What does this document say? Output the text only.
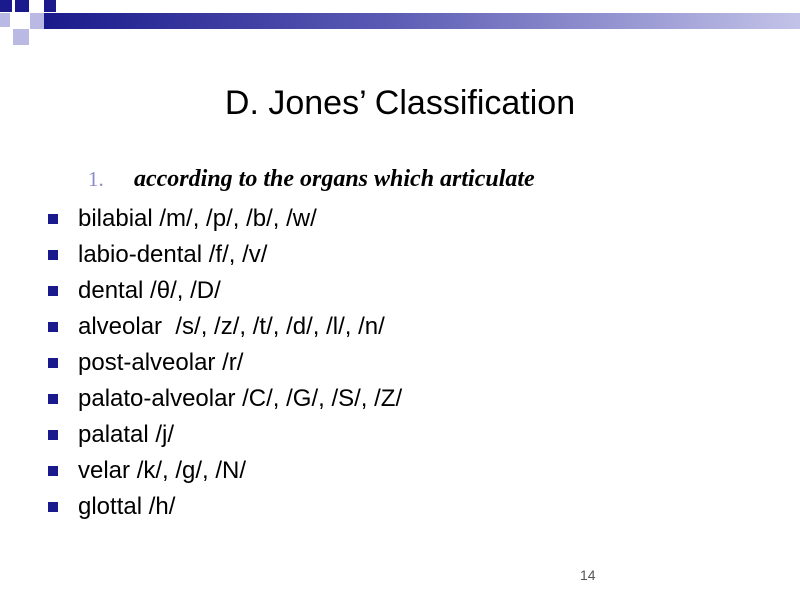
D. Jones’ Classification
1. according to the organs which articulate
bilabial /m/, /p/, /b/, /w/
labio-dental /f/, /v/
dental /θ/, /D/
alveolar  /s/, /z/, /t/, /d/, /l/, /n/
post-alveolar /r/
palato-alveolar /C/, /G/, /S/, /Z/
palatal /j/
velar /k/, /g/, /N/
glottal /h/
14
